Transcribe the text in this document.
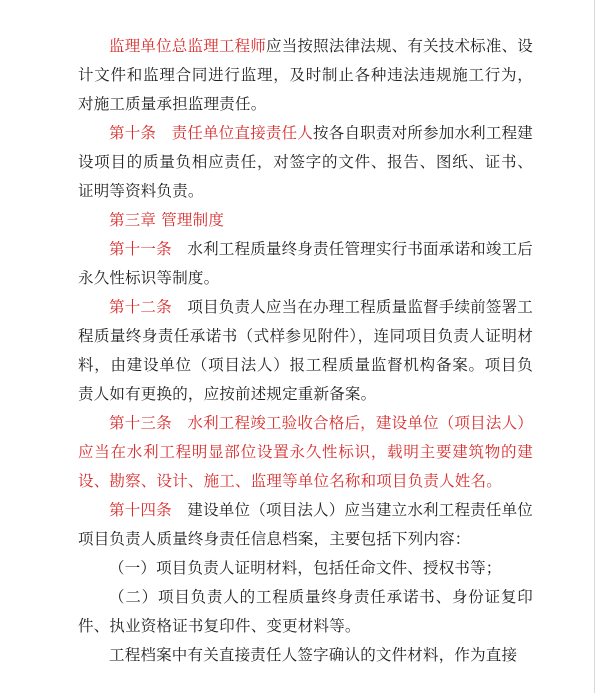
监理单位总监理工程师应当按照法律法规、有关技术标准、设计文件和监理合同进行监理，及时制止各种违法违规施工行为，对施工质量承担监理责任。

第十条 责任单位直接责任人按各自职责对所参加水利工程建设项目的质量负相应责任，对签字的文件、报告、图纸、证书、证明等资料负责。

第三章 管理制度

第十一条 水利工程质量终身责任管理实行书面承诺和竣工后永久性标识等制度。

第十二条 项目负责人应当在办理工程质量监督手续前签署工程质量终身责任承诺书（式样参见附件），连同项目负责人证明材料，由建设单位（项目法人）报工程质量监督机构备案。项目负责人如有更换的，应按前述规定重新备案。

第十三条 水利工程竣工验收合格后，建设单位（项目法人）应当在水利工程明显部位设置永久性标识，载明主要建筑物的建设、勘察、设计、施工、监理等单位名称和项目负责人姓名。

第十四条 建设单位（项目法人）应当建立水利工程责任单位项目负责人质量终身责任信息档案，主要包括下列内容：

（一）项目负责人证明材料，包括任命文件、授权书等；

（二）项目负责人的工程质量终身责任承诺书、身份证复印件、执业资格证书复印件、变更材料等。

工程档案中有关直接责任人签字确认的文件材料，作为直接
